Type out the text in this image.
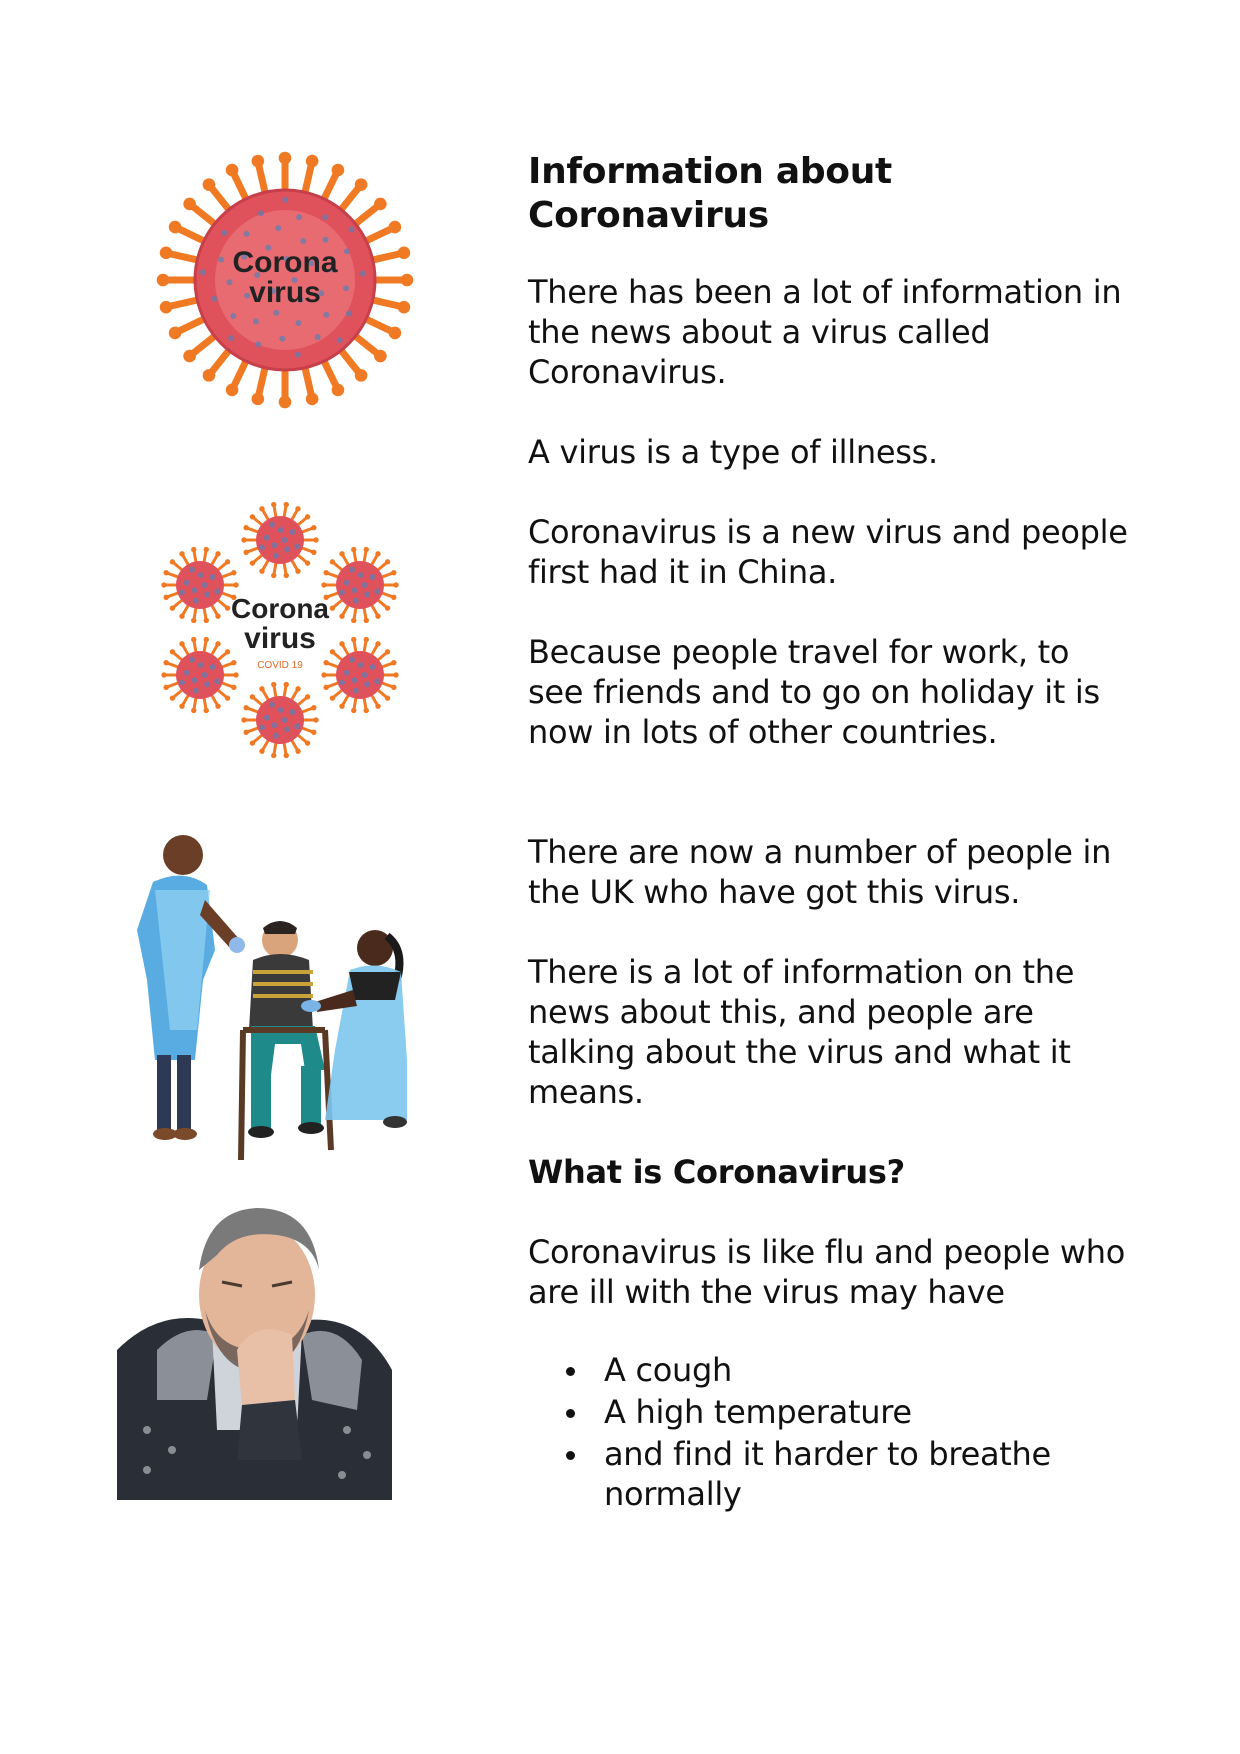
Information about Coronavirus

There has been a lot of information in the news about a virus called Coronavirus.

A virus is a type of illness.

Coronavirus is a new virus and people first had it in China.

Because people travel for work, to see friends and to go on holiday it is now in lots of other countries.

There are now a number of people in the UK who have got this virus.

There is a lot of information on the news about this, and people are talking about the virus and what it means.

What is Coronavirus?

Coronavirus is like flu and people who are ill with the virus may have

A cough
A high temperature
and find it harder to breathe normally
Corona
virus
Corona
virus
COVID 19
